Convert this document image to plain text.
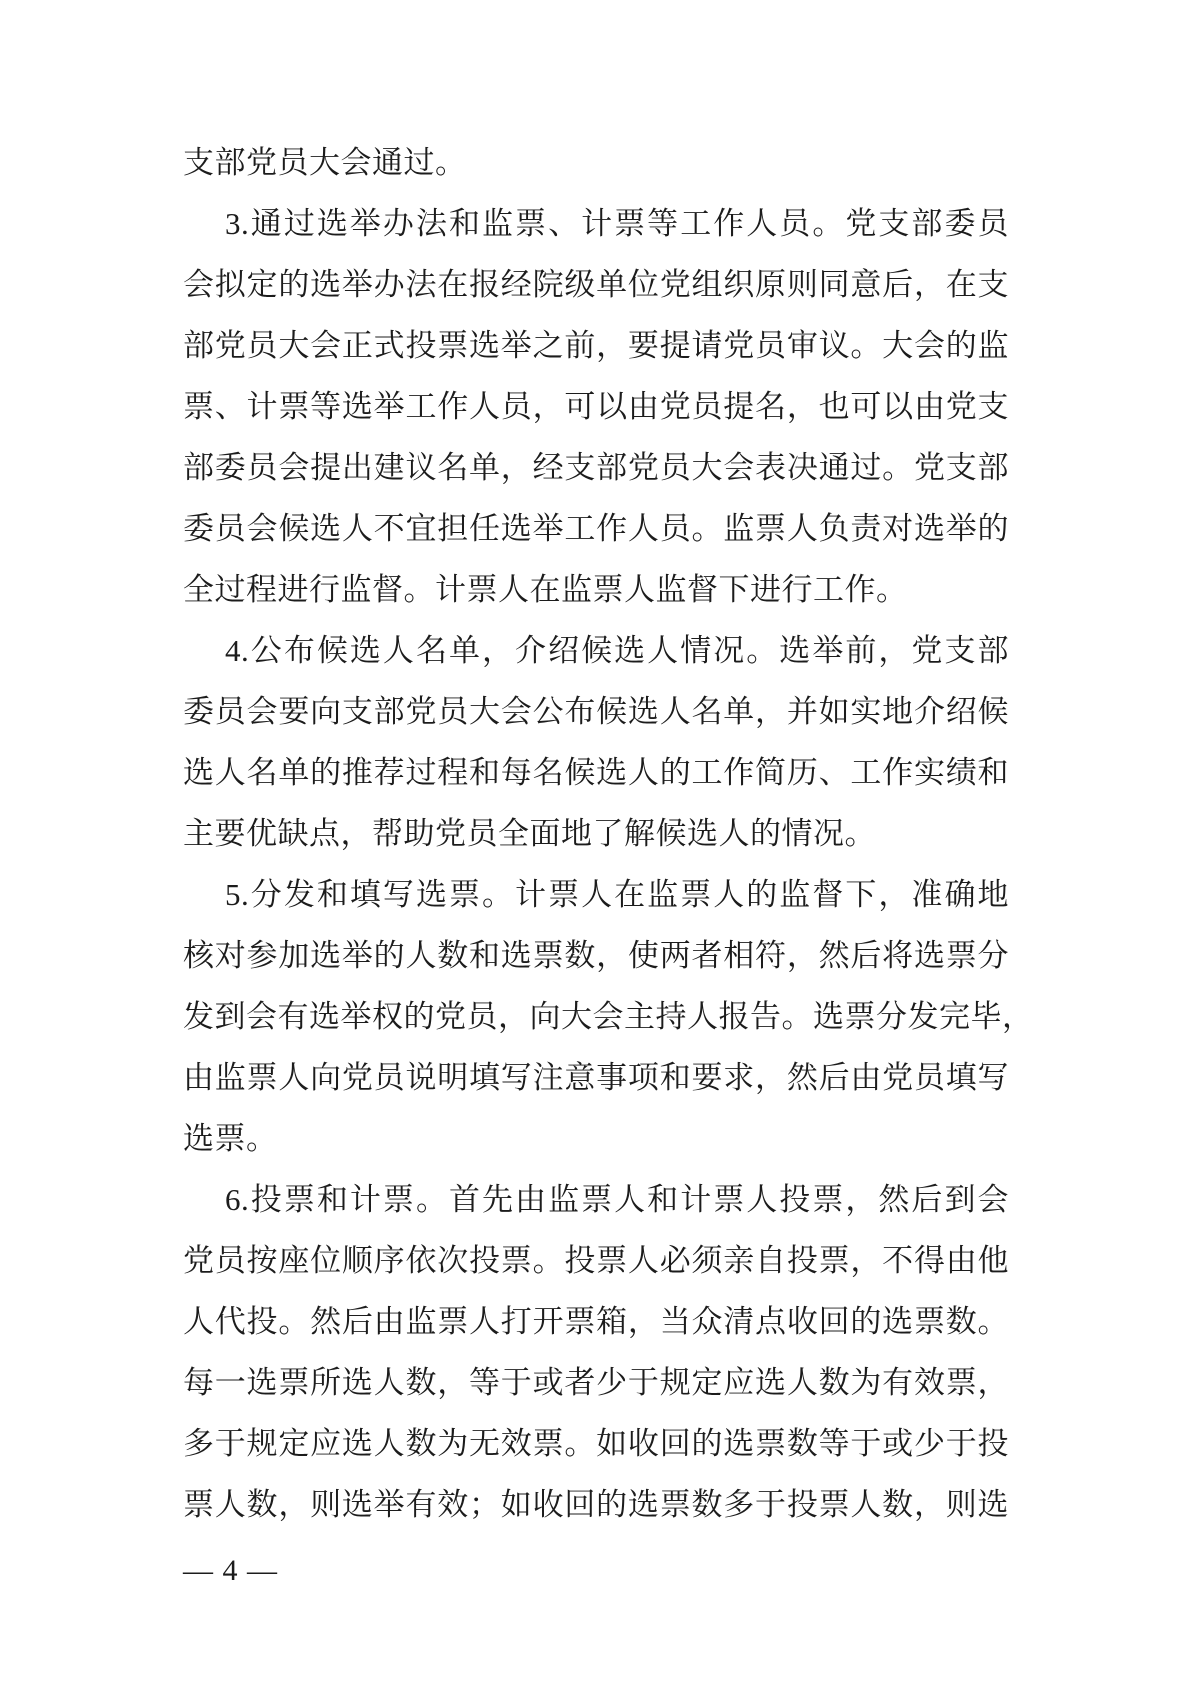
支部党员大会通过。
3.通过选举办法和监票、计票等工作人员。党支部委员
会拟定的选举办法在报经院级单位党组织原则同意后，在支
部党员大会正式投票选举之前，要提请党员审议。大会的监
票、计票等选举工作人员，可以由党员提名，也可以由党支
部委员会提出建议名单，经支部党员大会表决通过。党支部
委员会候选人不宜担任选举工作人员。监票人负责对选举的
全过程进行监督。计票人在监票人监督下进行工作。
4.公布候选人名单，介绍候选人情况。选举前，党支部
委员会要向支部党员大会公布候选人名单，并如实地介绍候
选人名单的推荐过程和每名候选人的工作简历、工作实绩和
主要优缺点，帮助党员全面地了解候选人的情况。
5.分发和填写选票。计票人在监票人的监督下，准确地
核对参加选举的人数和选票数，使两者相符，然后将选票分
发到会有选举权的党员，向大会主持人报告。选票分发完毕，
由监票人向党员说明填写注意事项和要求，然后由党员填写
选票。
6.投票和计票。首先由监票人和计票人投票，然后到会
党员按座位顺序依次投票。投票人必须亲自投票，不得由他
人代投。然后由监票人打开票箱，当众清点收回的选票数。
每一选票所选人数，等于或者少于规定应选人数为有效票，
多于规定应选人数为无效票。如收回的选票数等于或少于投
票人数，则选举有效；如收回的选票数多于投票人数，则选
— 4 —
